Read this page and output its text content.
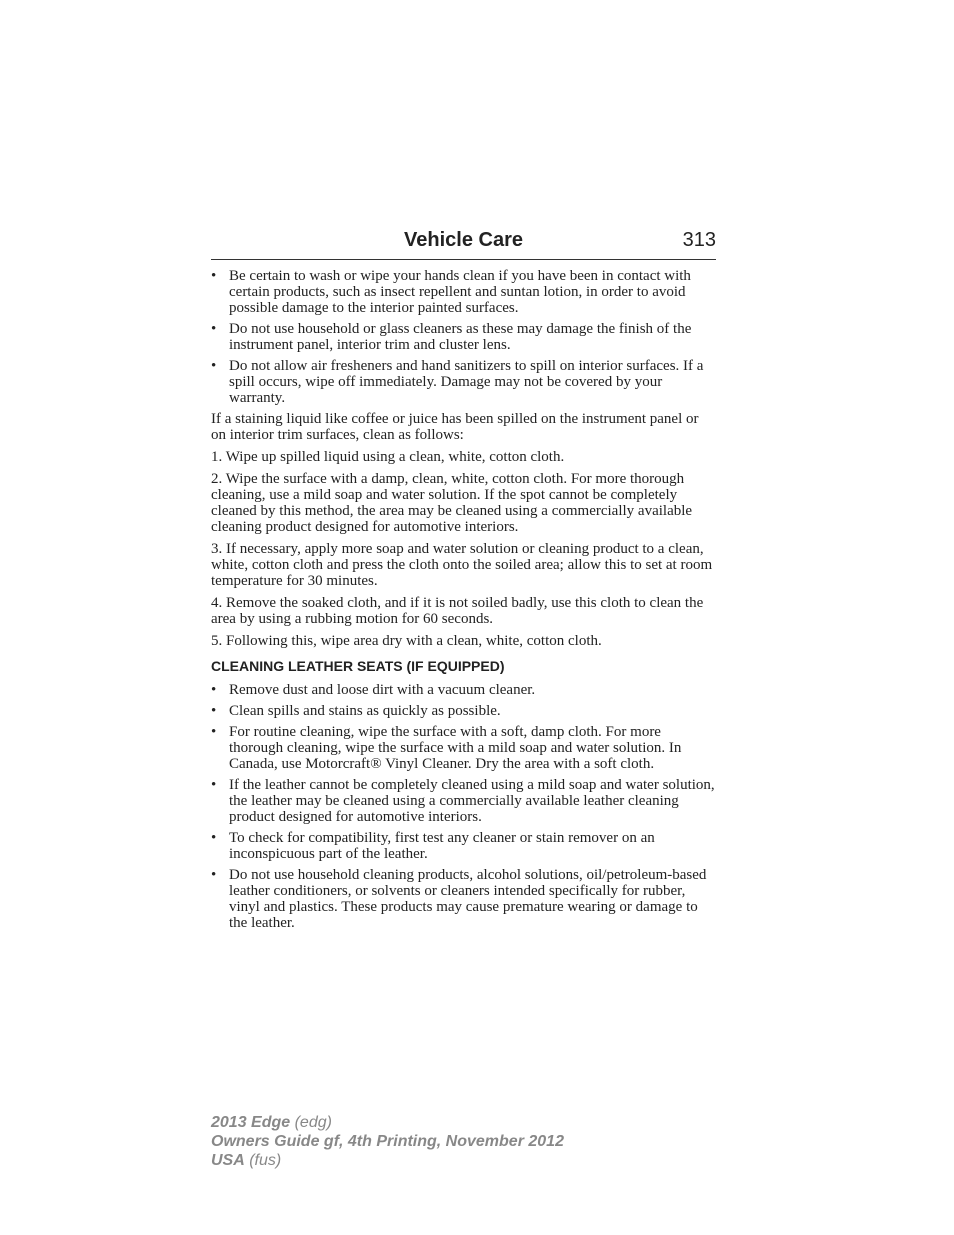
Vehicle Care	313
• Be certain to wash or wipe your hands clean if you have been in contact with certain products, such as insect repellent and suntan lotion, in order to avoid possible damage to the interior painted surfaces.
• Do not use household or glass cleaners as these may damage the finish of the instrument panel, interior trim and cluster lens.
• Do not allow air fresheners and hand sanitizers to spill on interior surfaces. If a spill occurs, wipe off immediately. Damage may not be covered by your warranty.

If a staining liquid like coffee or juice has been spilled on the instrument panel or on interior trim surfaces, clean as follows:

1. Wipe up spilled liquid using a clean, white, cotton cloth.

2. Wipe the surface with a damp, clean, white, cotton cloth. For more thorough cleaning, use a mild soap and water solution. If the spot cannot be completely cleaned by this method, the area may be cleaned using a commercially available cleaning product designed for automotive interiors.

3. If necessary, apply more soap and water solution or cleaning product to a clean, white, cotton cloth and press the cloth onto the soiled area; allow this to set at room temperature for 30 minutes.

4. Remove the soaked cloth, and if it is not soiled badly, use this cloth to clean the area by using a rubbing motion for 60 seconds.

5. Following this, wipe area dry with a clean, white, cotton cloth.

CLEANING LEATHER SEATS (IF EQUIPPED)
• Remove dust and loose dirt with a vacuum cleaner.
• Clean spills and stains as quickly as possible.
• For routine cleaning, wipe the surface with a soft, damp cloth. For more thorough cleaning, wipe the surface with a mild soap and water solution. In Canada, use Motorcraft® Vinyl Cleaner. Dry the area with a soft cloth.
• If the leather cannot be completely cleaned using a mild soap and water solution, the leather may be cleaned using a commercially available leather cleaning product designed for automotive interiors.
• To check for compatibility, first test any cleaner or stain remover on an inconspicuous part of the leather.
• Do not use household cleaning products, alcohol solutions, oil/petroleum-based leather conditioners, or solvents or cleaners intended specifically for rubber, vinyl and plastics. These products may cause premature wearing or damage to the leather.
2013 Edge (edg)
Owners Guide gf, 4th Printing, November 2012
USA (fus)
